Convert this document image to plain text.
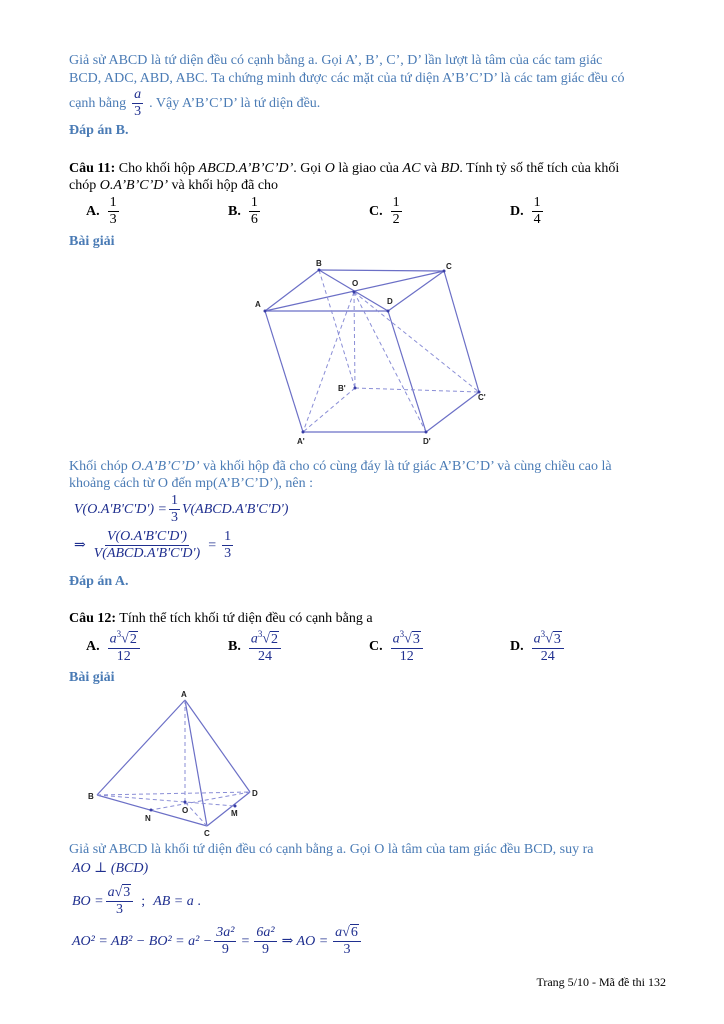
Giả sử ABCD là tứ diện đều có cạnh bằng a. Gọi A’, B’, C’, D’ lần lượt là tâm của các tam giác
BCD, ADC, ABD, ABC. Ta chứng minh được các mặt của tứ diện A’B’C’D’ là các tam giác đều có
cạnh bằng $\frac{a}{3}$ . Vậy A’B’C’D’ là tứ diện đều.
Đáp án B.
Câu 11: Cho khối hộp ABCD.A’B’C’D’. Gọi O là giao của AC và BD. Tính tỷ số thể tích của khối
chóp O.A’B’C’D’ và khối hộp đã cho
A. $\frac{1}{3}$	B. $\frac{1}{6}$	C. $\frac{1}{2}$	D. $\frac{1}{4}$
Bài giải
A
B	C
D
O
A'
B'
C'
D'
Khối chóp O.A’B’C’D’ và khối hộp đã cho có cùng đáy là tứ giác A’B’C’D’ và cùng chiều cao là
khoảng cách từ O đến mp(A’B’C’D’), nên :
$V(O.A'B'C'D') = \frac{1}{3}$ V(ABCD.A'B'C'D')
⇒ $\frac{V(O.A'B'C'D')}{\text{V(ABCD.A'B'C'D')}} = \frac{1}{3}$
Đáp án A.
Câu 12: Tính thể tích khối tứ diện đều có cạnh bằng a
A. $\frac{a^3√2}{12}$	B. $\frac{a^3√2}{24}$	C. $\frac{a^3√3}{12}$	D. $\frac{a^3√3}{24}$
Bài giải
A
B
C
D
O
N
M
Giả sử ABCD là khối tứ diện đều có cạnh bằng a. Gọi O là tâm của tam giác đều BCD, suy ra
AO ⊥ (BCD)
BO = $\frac{a√3}{3}$ ; AB = a .
$AO^2 = AB^2 - BO^2 = a^2 - \frac{\text{3a²}}{9} = \frac{\text{6a²}}{9}$ ⇒ AO = $\frac{a√6}{3}$
Trang 5/10 - Mã đề thi 132
